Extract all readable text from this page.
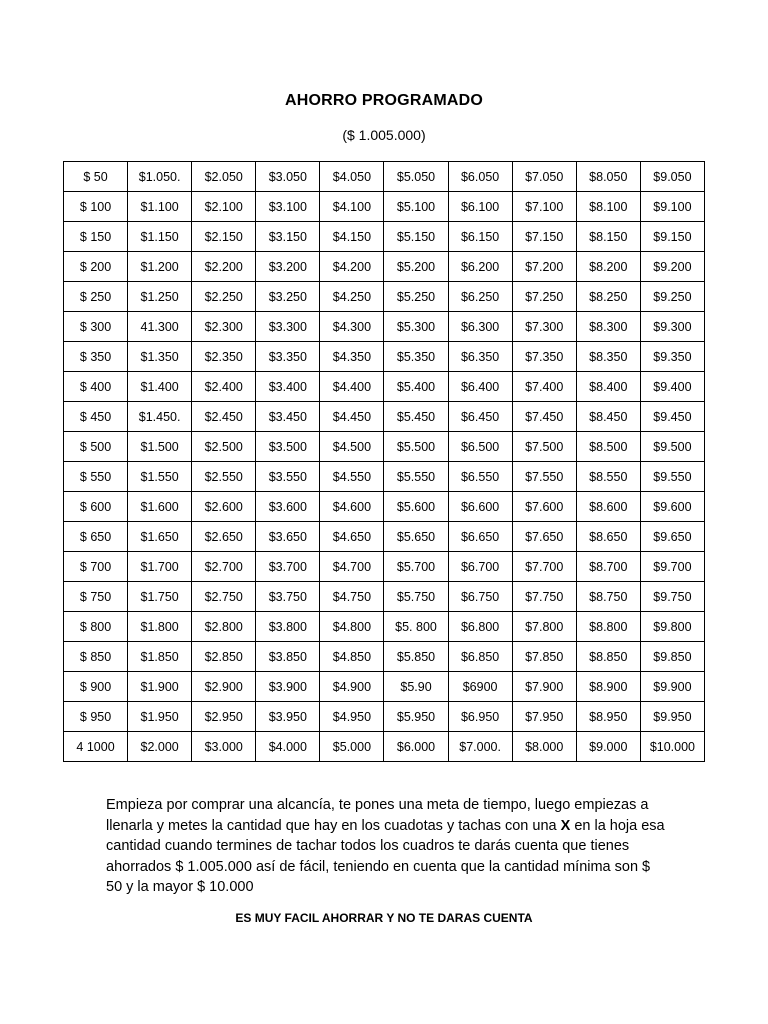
AHORRO PROGRAMADO
($ 1.005.000)
$ 50	$1.050.	$2.050	$3.050	$4.050	$5.050	$6.050	$7.050	$8.050	$9.050
$ 100	$1.100	$2.100	$3.100	$4.100	$5.100	$6.100	$7.100	$8.100	$9.100
$ 150	$1.150	$2.150	$3.150	$4.150	$5.150	$6.150	$7.150	$8.150	$9.150
$ 200	$1.200	$2.200	$3.200	$4.200	$5.200	$6.200	$7.200	$8.200	$9.200
$ 250	$1.250	$2.250	$3.250	$4.250	$5.250	$6.250	$7.250	$8.250	$9.250
$ 300	41.300	$2.300	$3.300	$4.300	$5.300	$6.300	$7.300	$8.300	$9.300
$ 350	$1.350	$2.350	$3.350	$4.350	$5.350	$6.350	$7.350	$8.350	$9.350
$ 400	$1.400	$2.400	$3.400	$4.400	$5.400	$6.400	$7.400	$8.400	$9.400
$ 450	$1.450.	$2.450	$3.450	$4.450	$5.450	$6.450	$7.450	$8.450	$9.450
$ 500	$1.500	$2.500	$3.500	$4.500	$5.500	$6.500	$7.500	$8.500	$9.500
$ 550	$1.550	$2.550	$3.550	$4.550	$5.550	$6.550	$7.550	$8.550	$9.550
$ 600	$1.600	$2.600	$3.600	$4.600	$5.600	$6.600	$7.600	$8.600	$9.600
$ 650	$1.650	$2.650	$3.650	$4.650	$5.650	$6.650	$7.650	$8.650	$9.650
$ 700	$1.700	$2.700	$3.700	$4.700	$5.700	$6.700	$7.700	$8.700	$9.700
$ 750	$1.750	$2.750	$3.750	$4.750	$5.750	$6.750	$7.750	$8.750	$9.750
$ 800	$1.800	$2.800	$3.800	$4.800	$5. 800	$6.800	$7.800	$8.800	$9.800
$ 850	$1.850	$2.850	$3.850	$4.850	$5.850	$6.850	$7.850	$8.850	$9.850
$ 900	$1.900	$2.900	$3.900	$4.900	$5.90	$6900	$7.900	$8.900	$9.900
$ 950	$1.950	$2.950	$3.950	$4.950	$5.950	$6.950	$7.950	$8.950	$9.950
4 1000	$2.000	$3.000	$4.000	$5.000	$6.000	$7.000.	$8.000	$9.000	$10.000

Empieza por comprar una alcancía, te pones una meta de tiempo, luego empiezas a llenarla y metes la cantidad que hay en los cuadotas y tachas con una X en la hoja esa cantidad cuando termines de tachar todos los cuadros te darás cuenta que tienes ahorrados $ 1.005.000 así de fácil, teniendo en cuenta que la cantidad mínima son $ 50 y la mayor $ 10.000

ES MUY FACIL AHORRAR Y NO TE DARAS CUENTA
